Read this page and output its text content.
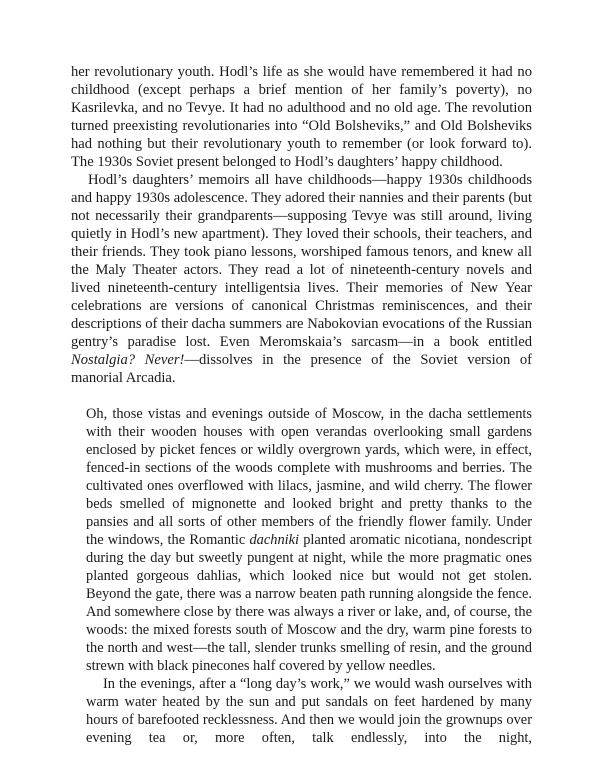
her revolutionary youth. Hodl’s life as she would have remembered it had no childhood (except perhaps a brief mention of her family’s poverty), no Kasrilevka, and no Tevye. It had no adulthood and no old age. The revolution turned preexisting revolutionaries into “Old Bolsheviks,” and Old Bolsheviks had nothing but their revolutionary youth to remember (or look forward to). The 1930s Soviet present belonged to Hodl’s daughters’ happy childhood.

Hodl’s daughters’ memoirs all have childhoods—happy 1930s childhoods and happy 1930s adolescence. They adored their nannies and their parents (but not necessarily their grandparents—supposing Tevye was still around, living quietly in Hodl’s new apartment). They loved their schools, their teachers, and their friends. They took piano lessons, worshiped famous tenors, and knew all the Maly Theater actors. They read a lot of nineteenth-century novels and lived nineteenth-century intelligentsia lives. Their memories of New Year celebrations are versions of canonical Christmas reminiscences, and their descriptions of their dacha summers are Nabokovian evocations of the Russian gentry’s paradise lost. Even Meromskaia’s sarcasm—in a book entitled Nostalgia? Never!—dissolves in the presence of the Soviet version of manorial Arcadia.

Oh, those vistas and evenings outside of Moscow, in the dacha settlements with their wooden houses with open verandas overlooking small gardens enclosed by picket fences or wildly overgrown yards, which were, in effect, fenced-in sections of the woods complete with mushrooms and berries. The cultivated ones overflowed with lilacs, jasmine, and wild cherry. The flower beds smelled of mignonette and looked bright and pretty thanks to the pansies and all sorts of other members of the friendly flower family. Under the windows, the Romantic dachniki planted aromatic nicotiana, nondescript during the day but sweetly pungent at night, while the more pragmatic ones planted gorgeous dahlias, which looked nice but would not get stolen. Beyond the gate, there was a narrow beaten path running alongside the fence. And somewhere close by there was always a river or lake, and, of course, the woods: the mixed forests south of Moscow and the dry, warm pine forests to the north and west—the tall, slender trunks smelling of resin, and the ground strewn with black pinecones half covered by yellow needles.

In the evenings, after a “long day’s work,” we would wash ourselves with warm water heated by the sun and put sandals on feet hardened by many hours of barefooted recklessness. And then we would join the grownups over evening tea or, more often, talk endlessly, into the night,
